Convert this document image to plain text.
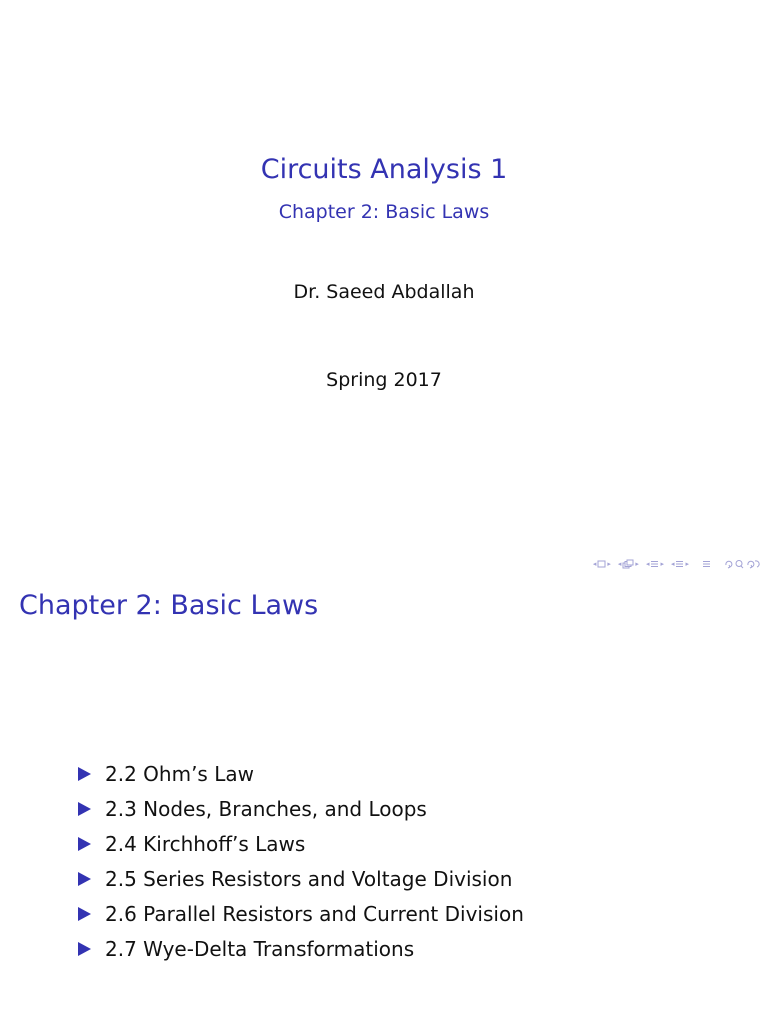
Circuits Analysis 1
Chapter 2: Basic Laws
Dr. Saeed Abdallah
Spring 2017
◂ ▸ ◂ ▸ ◂ ▸ ◂ ▸
Chapter 2: Basic Laws
2.2 Ohm’s Law
2.3 Nodes, Branches, and Loops
2.4 Kirchhoff’s Laws
2.5 Series Resistors and Voltage Division
2.6 Parallel Resistors and Current Division
2.7 Wye-Delta Transformations
